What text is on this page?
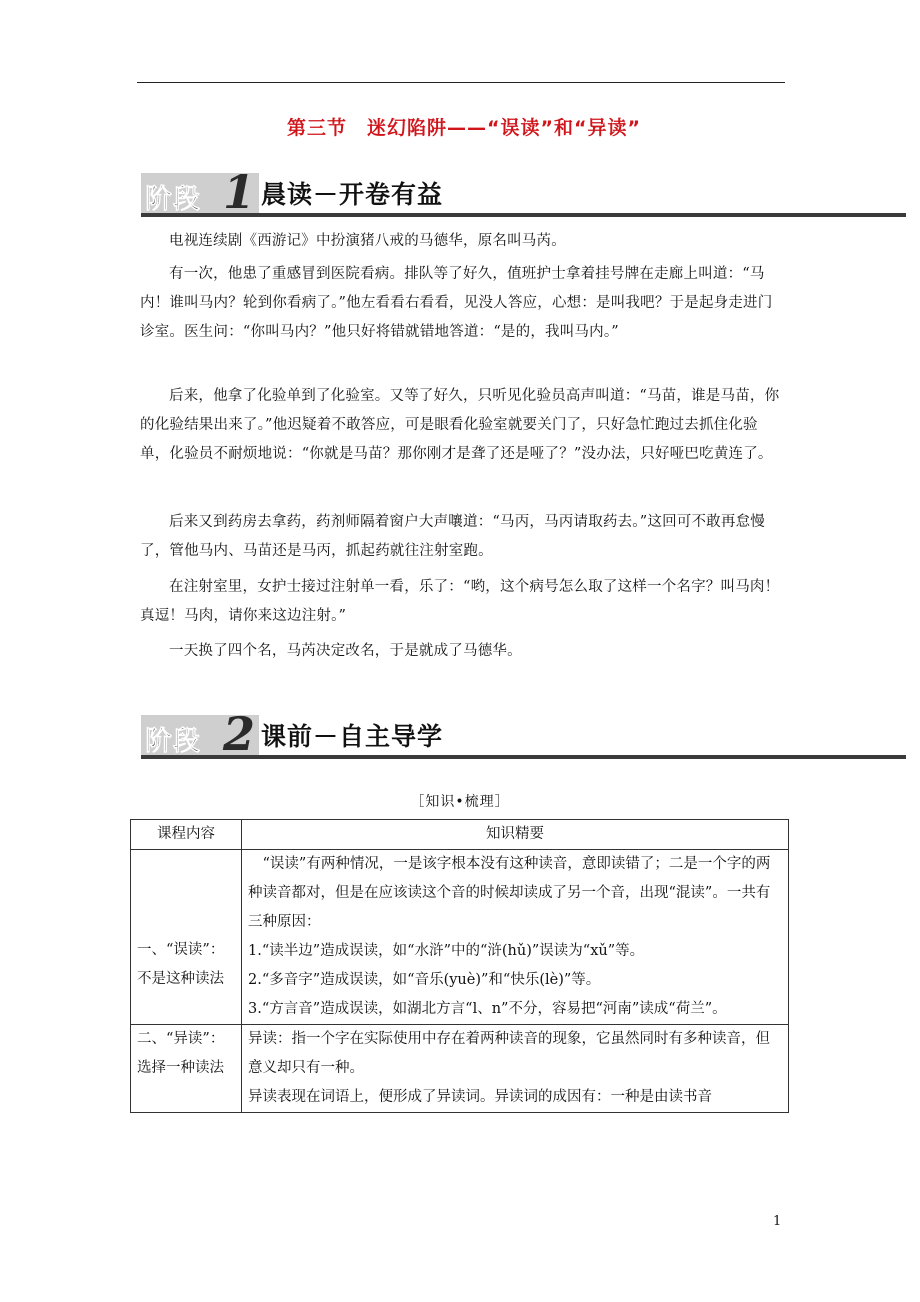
第三节　迷幻陷阱——“误读”和“异读”
阶段 1 晨读－开卷有益

电视连续剧《西游记》中扮演猪八戒的马德华，原名叫马芮。

有一次，他患了重感冒到医院看病。排队等了好久，值班护士拿着挂号牌在走廊上叫道：“马内！谁叫马内？轮到你看病了。”他左看看右看看，见没人答应，心想：是叫我吧？于是起身走进门诊室。医生问：“你叫马内？”他只好将错就错地答道：“是的，我叫马内。”

后来，他拿了化验单到了化验室。又等了好久，只听见化验员高声叫道：“马苗，谁是马苗，你的化验结果出来了。”他迟疑着不敢答应，可是眼看化验室就要关门了，只好急忙跑过去抓住化验单，化验员不耐烦地说：“你就是马苗？那你刚才是聋了还是哑了？”没办法，只好哑巴吃黄连了。

后来又到药房去拿药，药剂师隔着窗户大声嚷道：“马丙，马丙请取药去。”这回可不敢再怠慢了，管他马内、马苗还是马丙，抓起药就往注射室跑。

在注射室里，女护士接过注射单一看，乐了：“哟，这个病号怎么取了这样一个名字？叫马肉！真逗！马肉，请你来这边注射。”

一天换了四个名，马芮决定改名，于是就成了马德华。

阶段 2 课前－自主导学
［知识•梳理］
课程内容	知识精要

一、“误读”：不是这种读法	“误读”有两种情况，一是该字根本没有这种读音，意即读错了；二是一个字的两种读音都对，但是在应该读这个音的时候却读成了另一个音，出现“混读”。一共有三种原因：
1.“读半边”造成误读，如“水浒”中的“浒(hǔ)”误读为“xǔ”等。
2.“多音字”造成误读，如“音乐(yuè)”和“快乐(lè)”等。
3.“方言音”造成误读，如湖北方言“l、n”不分，容易把“河南”读成“荷兰”。

二、“异读”：选择一种读法	异读：指一个字在实际使用中存在着两种读音的现象，它虽然同时有多种读音，但意义却只有一种。
异读表现在词语上，便形成了异读词。异读词的成因有：一种是由读书音
1
